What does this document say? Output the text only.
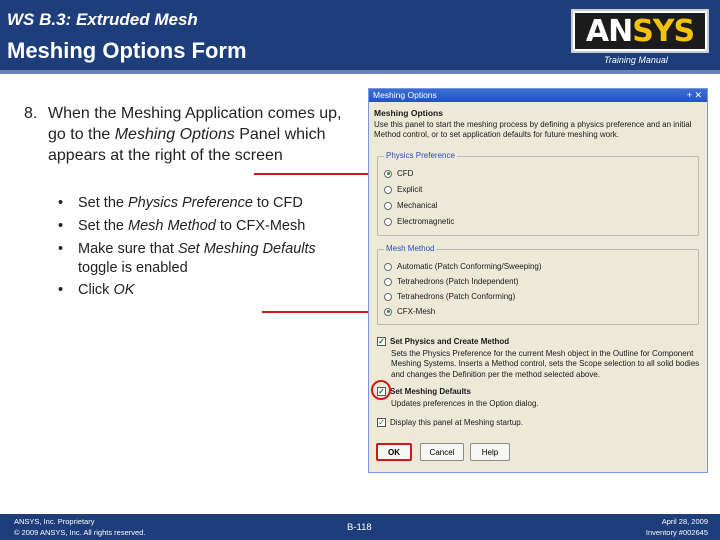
WS B.3: Extruded Mesh
Meshing Options Form
AN SYS
Training Manual
8. When the Meshing Application comes up, go to the Meshing Options Panel which appears at the right of the screen
• Set the Physics Preference to CFD
• Set the Mesh Method to CFX-Mesh
• Make sure that Set Meshing Defaults toggle is enabled
• Click OK
Meshing Options	+ ✕
Meshing Options
Use this panel to start the meshing process by defining a physics preference and an initial Method control, or to set application defaults for future meshing work.
Physics Preference
CFD
Explicit
Mechanical
Electromagnetic
Mesh Method
Automatic (Patch Conforming/Sweeping)
Tetrahedrons (Patch Independent)
Tetrahedrons (Patch Conforming)
CFX-Mesh
✓ Set Physics and Create Method
Sets the Physics Preference for the current Mesh object in the Outline for Component Meshing Systems. Inserts a Method control, sets the Scope selection to all solid bodies and changes the Definition per the method selected above.
✓ Set Meshing Defaults
Updates preferences in the Option dialog.
✓ Display this panel at Meshing startup.
OK	Cancel	Help
ANSYS, Inc. Proprietary
© 2009 ANSYS, Inc. All rights reserved.	B-118
April 28, 2009
Inventory #002645
